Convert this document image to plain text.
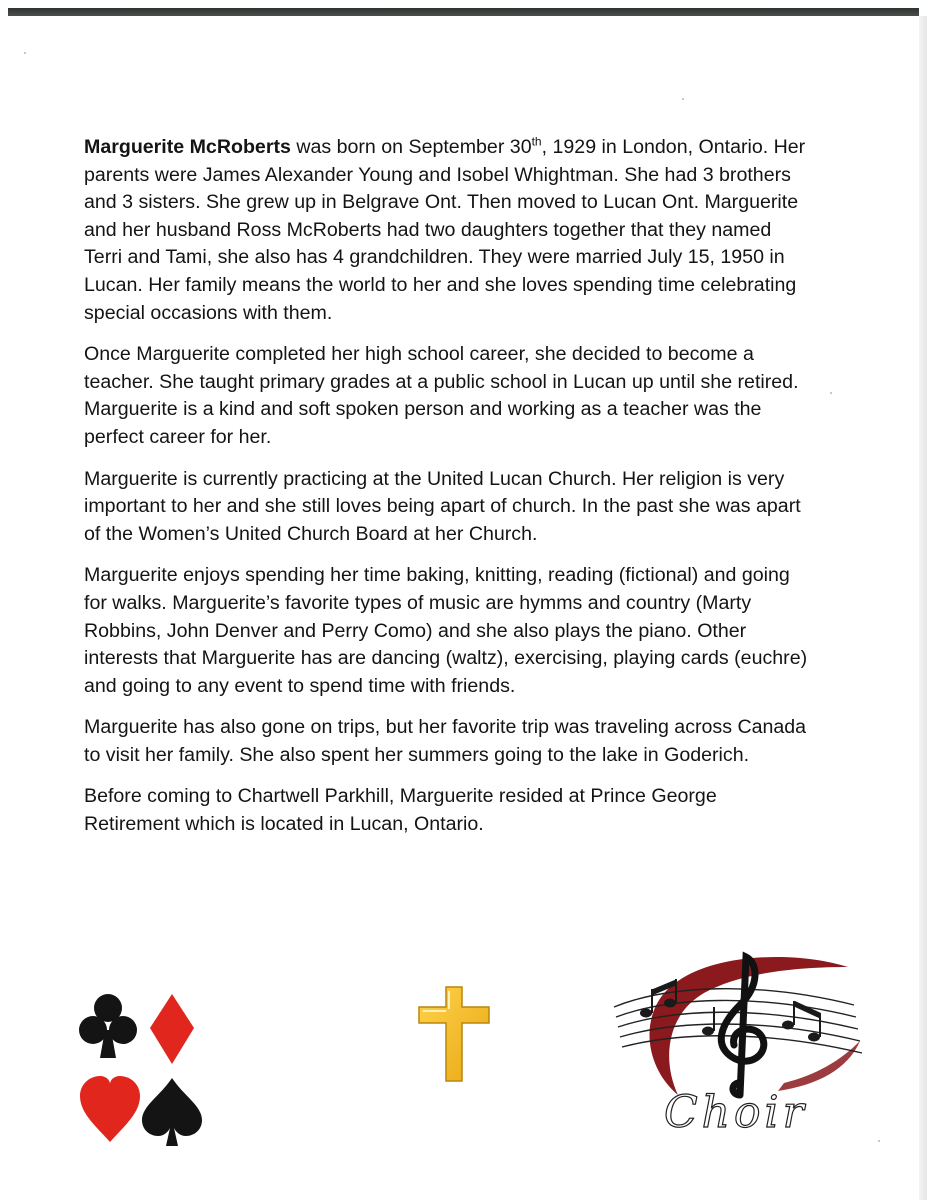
Marguerite McRoberts was born on September 30th, 1929 in London, Ontario. Her parents were James Alexander Young and Isobel Whightman. She had 3 brothers and 3 sisters. She grew up in Belgrave Ont. Then moved to Lucan Ont. Marguerite and her husband Ross McRoberts had two daughters together that they named Terri and Tami, she also has 4 grandchildren. They were married July 15, 1950 in Lucan. Her family means the world to her and she loves spending time celebrating special occasions with them.

Once Marguerite completed her high school career, she decided to become a teacher. She taught primary grades at a public school in Lucan up until she retired. Marguerite is a kind and soft spoken person and working as a teacher was the perfect career for her.

Marguerite is currently practicing at the United Lucan Church. Her religion is very important to her and she still loves being apart of church. In the past she was apart of the Women’s United Church Board at her Church.

Marguerite enjoys spending her time baking, knitting, reading (fictional) and going for walks. Marguerite’s favorite types of music are hymms and country (Marty Robbins, John Denver and Perry Como) and she also plays the piano. Other interests that Marguerite has are dancing (waltz), exercising, playing cards (euchre) and going to any event to spend time with friends.

Marguerite has also gone on trips, but her favorite trip was traveling across Canada to visit her family. She also spent her summers going to the lake in Goderich.

Before coming to Chartwell Parkhill, Marguerite resided at Prince George Retirement which is located in Lucan, Ontario.

Choir
